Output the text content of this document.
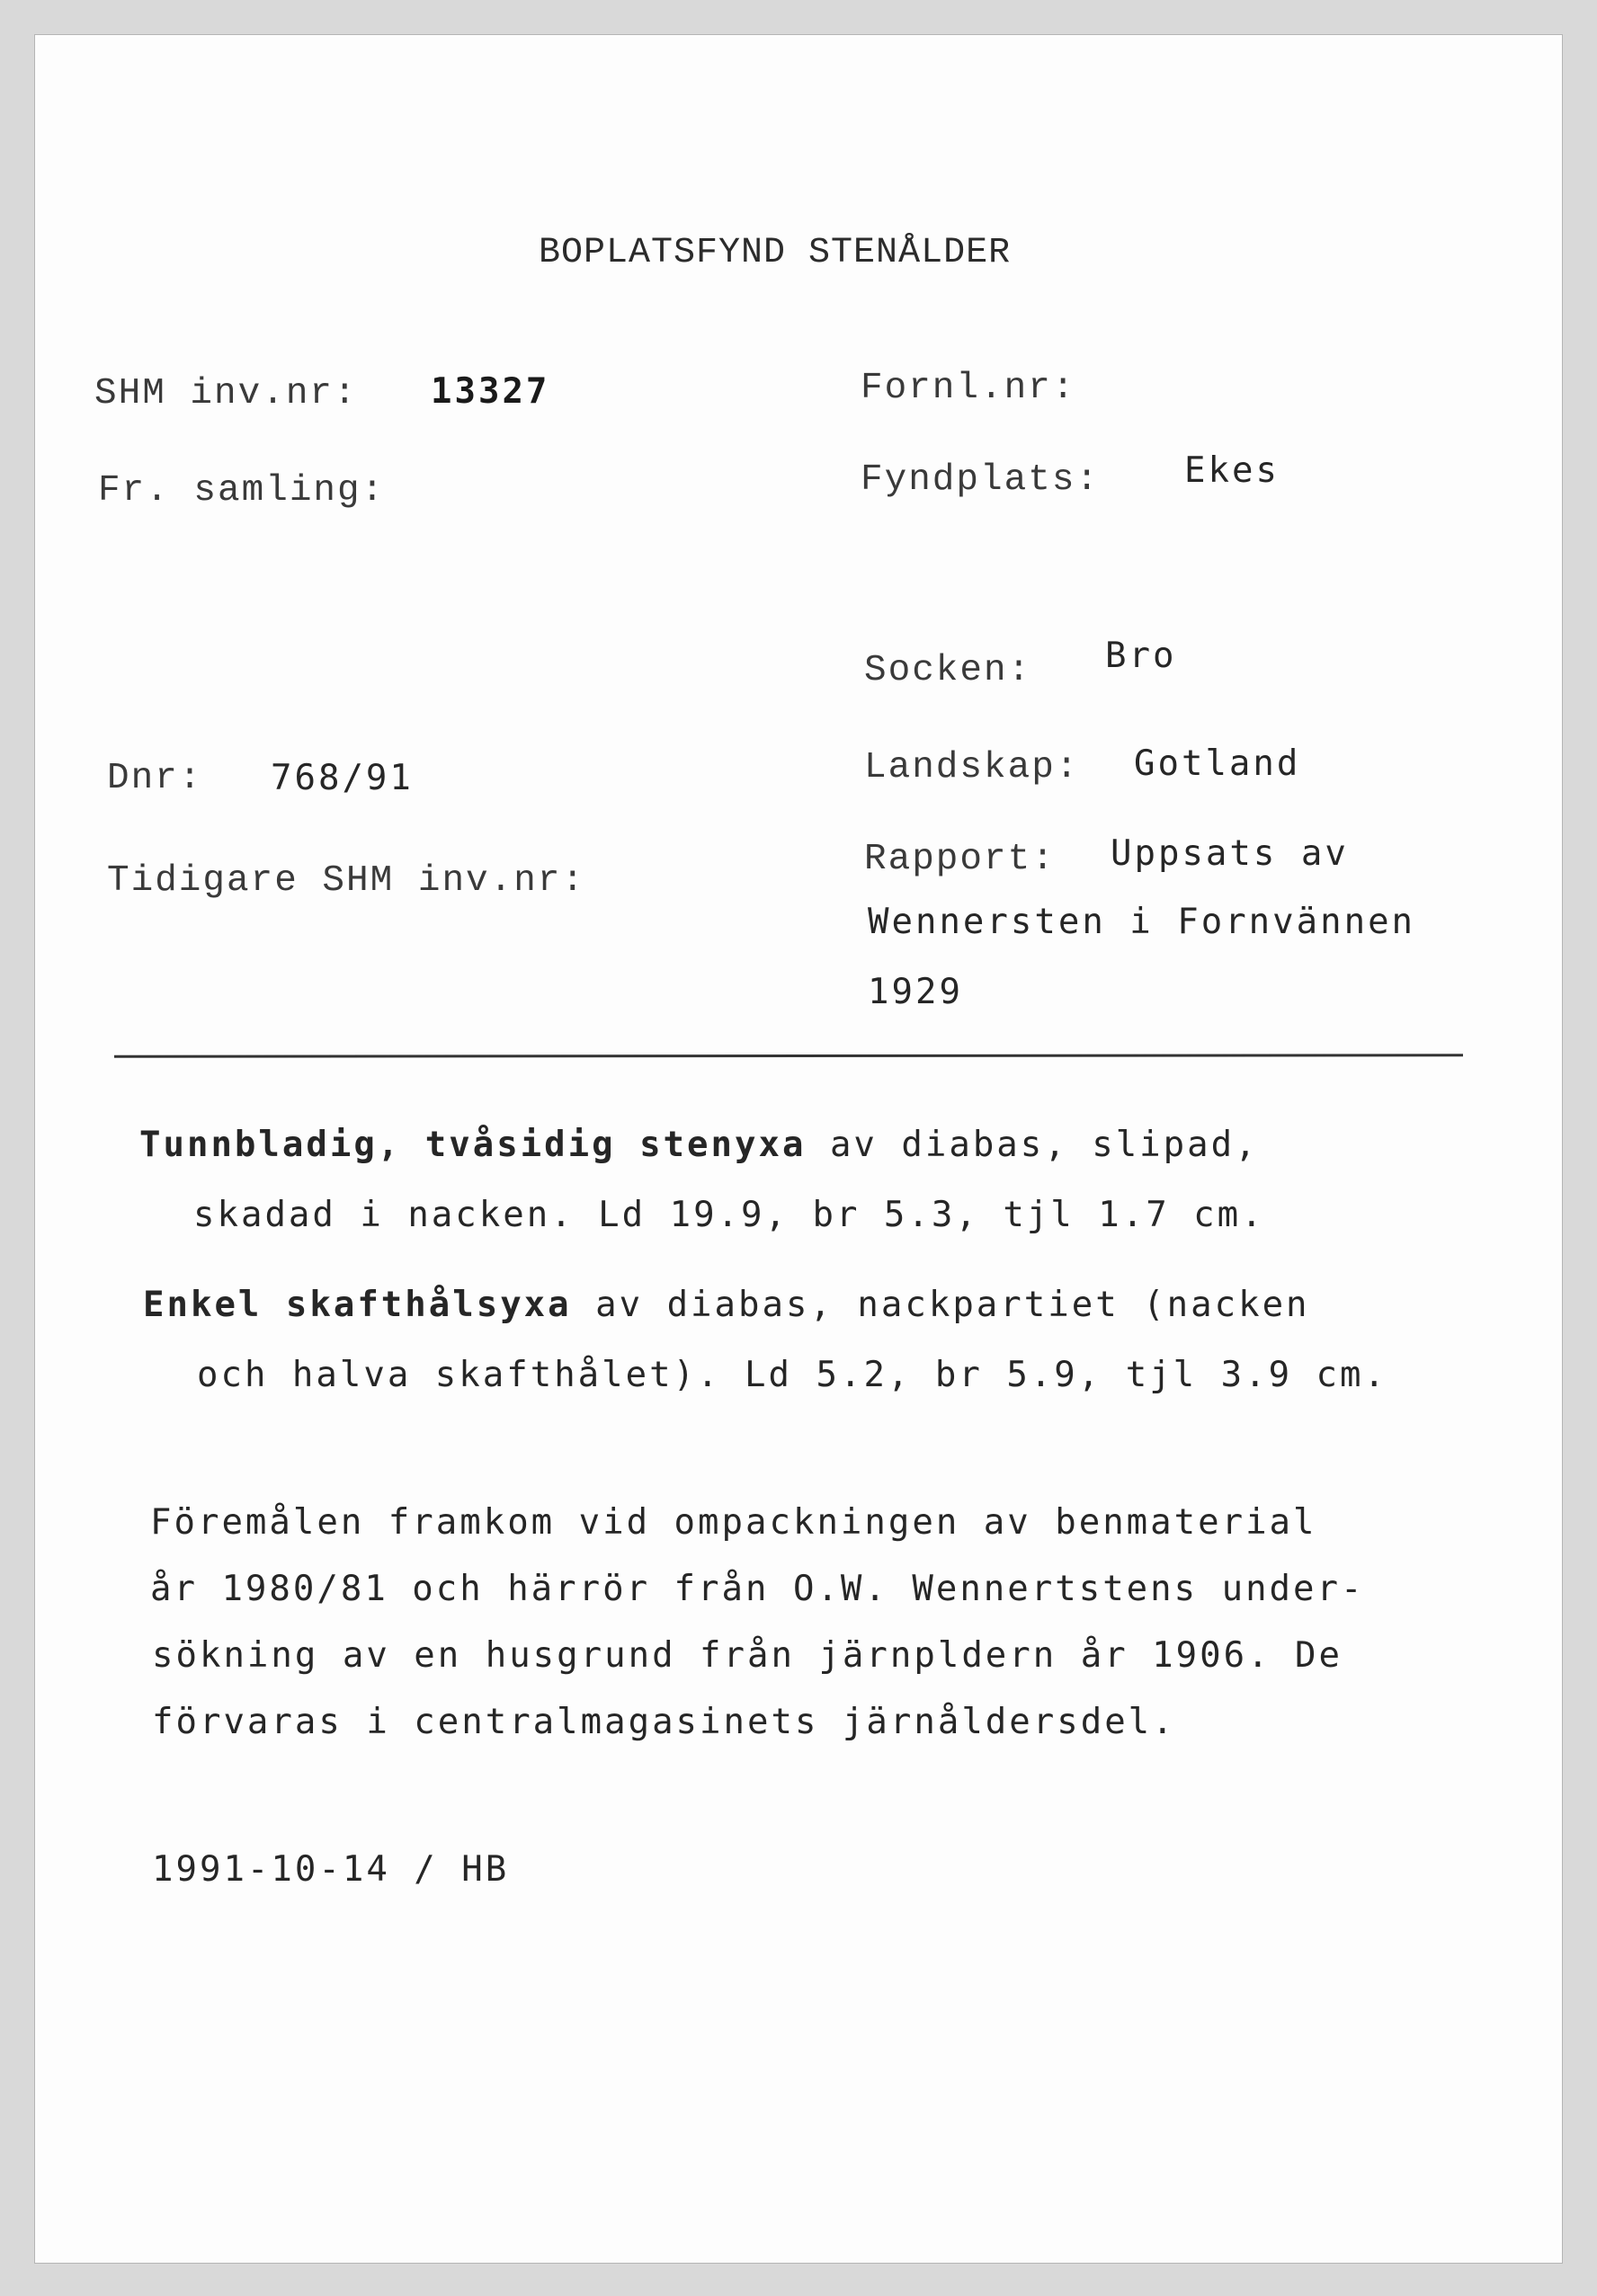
BOPLATSFYND STENÅLDER
SHM inv.nr: 13327
Fr. samling:
Dnr: 768/91
Tidigare SHM inv.nr:
Fornl.nr:
Fyndplats: Ekes
Socken: Bro
Landskap: Gotland
Rapport: Uppsats av
Wennersten i Fornvännen
1929
Tunnbladig, tvåsidig stenyxa av diabas, slipad,
skadad i nacken. Ld 19.9, br 5.3, tjl 1.7 cm.
Enkel skafthålsyxa av diabas, nackpartiet (nacken
och halva skafthålet). Ld 5.2, br 5.9, tjl 3.9 cm.
Föremålen framkom vid ompackningen av benmaterial
år 1980/81 och härrör från O.W. Wennertstens under-
sökning av en husgrund från järnpldern år 1906. De
förvaras i centralmagasinets järnåldersdel.
1991-10-14 / HB
